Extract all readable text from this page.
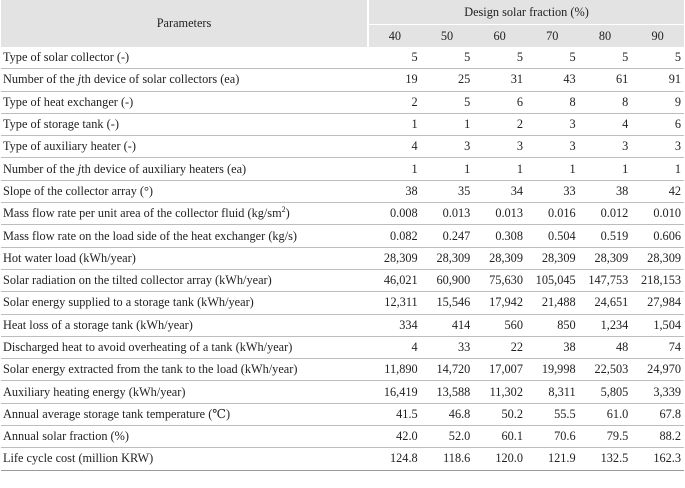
Parameters	Design solar fraction (%)					
	40	50	60	70	80	90
Type of solar collector (-)	5	5	5	5	5	5
Number of the jth device of solar collectors (ea)	19	25	31	43	61	91
Type of heat exchanger (-)	2	5	6	8	8	9
Type of storage tank (-)	1	1	2	3	4	6
Type of auxiliary heater (-)	4	3	3	3	3	3
Number of the jth device of auxiliary heaters (ea)	1	1	1	1	1	1
Slope of the collector array (°)	38	35	34	33	38	42
Mass flow rate per unit area of the collector fluid $(kg/sm^2)$	0.008	0.013	0.013	0.016	0.012	0.010
Mass flow rate on the load side of the heat exchanger (kg/s)	0.082	0.247	0.308	0.504	0.519	0.606
Hot water load (kWh/year)	28,309	28,309	28,309	28,309	28,309	28,309
Solar radiation on the tilted collector array (kWh/year)	46,021	60,900	75,630	105,045	147,753	218,153
Solar energy supplied to a storage tank (kWh/year)	12,311	15,546	17,942	21,488	24,651	27,984
Heat loss of a storage tank (kWh/year)	334	414	560	850	1,234	1,504
Discharged heat to avoid overheating of a tank (kWh/year)	4	33	22	38	48	74
Solar energy extracted from the tank to the load (kWh/year)	11,890	14,720	17,007	19,998	22,503	24,970
Auxiliary heating energy (kWh/year)	16,419	13,588	11,302	8,311	5,805	3,339
Annual average storage tank temperature (℃)	41.5	46.8	50.2	55.5	61.0	67.8
Annual solar fraction (%)	42.0	52.0	60.1	70.6	79.5	88.2
Life cycle cost (million KRW)	124.8	118.6	120.0	121.9	132.5	162.3
